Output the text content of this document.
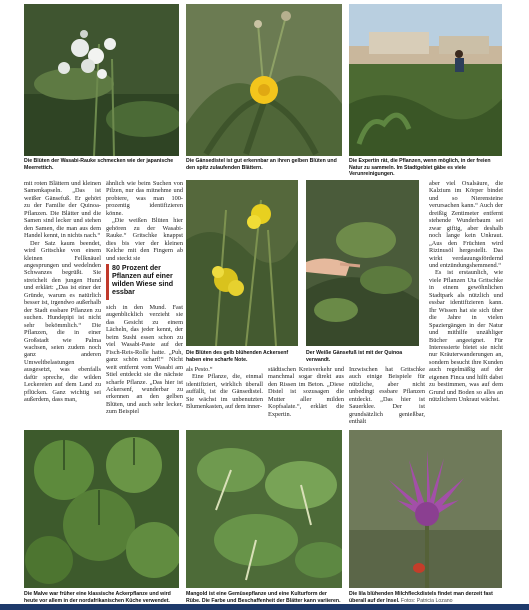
Die Blüten der Wasabi-Rauke schmecken wie der japanische Meerrettich.
Die Gänsedistel ist gut erkennbar an ihren gelben Blüten und den spitz zulaufenden Blättern.
Die Expertin rät, die Pflanzen, wenn möglich, in der freien Natur zu sammeln. Im Stadtgebiet gäbe es viele Verunreinigungen.

mit roten Blättern und kleinen Samenkapseln. „Das ist weißer Gänsefuß. Er gehört zu der Familie der Quinoa-Pflanzen. Die Blätter und die Samen sind lecker und stehen den Samen, die man aus dem Handel kennt, in nichts nach.“

Der Satz kaum beendet, wird Gritschke von einem kleinen Fellknäuel angesprungen und wedelnden Schwanzes begrüßt. Sie streichelt den jungen Hund und erklärt: „Das ist einer der Gründe, warum es natürlich besser ist, irgendwo außerhalb der Stadt essbare Pflanzen zu suchen. Hundepipi ist nicht sehr bekömmlich.“ Die Pflanzen, die in einer Großstadt wie Palma wachsen, seien zudem noch ganz anderen Umweltbelastungen ausgesetzt, was ebenfalls dafür spreche, die wilden Leckereien auf dem Land zu pflücken. Ganz wichtig sei außerdem, dass man,

ähnlich wie beim Suchen von Pilzen, nur das mitnehme und probiere, was man 100-prozentig identifizieren könne.

„Die weißen Blüten hier gehören zu der Wasabi-Rauke.“ Gritschke knappst dies bis vier der kleinen Kelche mit den Fingern ab und steckt sie

80 Prozent der Pflanzen auf einer wilden Wiese sind essbar

sich in den Mund. Fast augenblicklich verzieht sie das Gesicht zu einem Lächeln, das jeder kennt, der beim Sushi essen schon zu viel Wasabi-Paste auf der Fisch-Reis-Rolle hatte. „Puh, ganz schön scharf!“ Nicht weit entfernt vom Wasabi am Stiel entdeckt sie die nächste scharfe Pflanze. „Das hier ist Ackersenf, wunderbar zu erkennen an den gelben Blüten, und auch sehr lecker, zum Beispiel

Die Blüten des gelb blühenden Ackersenf haben eine scharfe Note.
Der Weiße Gänsefuß ist mit der Quinoa verwandt.

als Pesto.“

Eine Pflanze, die, einmal identifiziert, wirklich überall auffällt, ist die Gänsedistel. Sie wächst im unbenutzten Blumenkasten, auf dem inner-

städtischen Kreisverkehr und manchmal sogar direkt aus den Rissen im Beton. „Diese Distel ist sozusagen die Mutter aller milden Kopfsalate.“, erklärt die Expertin.

Inzwischen hat Gritschke auch einige Beispiele für nützliche, aber nicht unbedingt essbare Pflanzen entdeckt. „Das hier ist Sauerklee. Der ist grundsätzlich genießbar, enthält

aber viel Oxalsäure, die Kalzium im Körper bindet und so Nierensteine verursachen kann.“ Auch der dreißig Zentimeter entfernt stehende Wunderbaum sei zwar giftig, aber deshalb noch lange kein Unkraut. „Aus den Früchten wird Rizinusöl hergestellt. Das wirkt verdauungsfördernd und entzündungshemmend.“

Es ist erstaunlich, wie viele Pflanzen Uta Gritschke in einem gewöhnlichen Stadtpark als nützlich und essbar identifizieren kann. Ihr Wissen hat sie sich über die Jahre in vielen Spaziergängen in der Natur und mithilfe unzähliger Bücher angeeignet. Für Interessierte bietet sie nicht nur Kräuterwanderungen an, sondern besucht ihre Kunden auch regelmäßig auf der eigenen Finca und hilft dabei zu bestimmen, was auf dem Grund und Boden so alles an nützlichem Unkraut wächst.

Die Malve war früher eine klassische Ackerpflanze und wird heute vor allem in der nordafrikanischen Küche verwendet.
Mangold ist eine Gemüsepflanze und eine Kulturform der Rübe. Die Farbe und Beschaffenheit der Blätter kann variieren.
Die lila blühenden Milchfleckdistels findet man derzeit fast überall auf der Insel. Fotos: Patricia Lozano
